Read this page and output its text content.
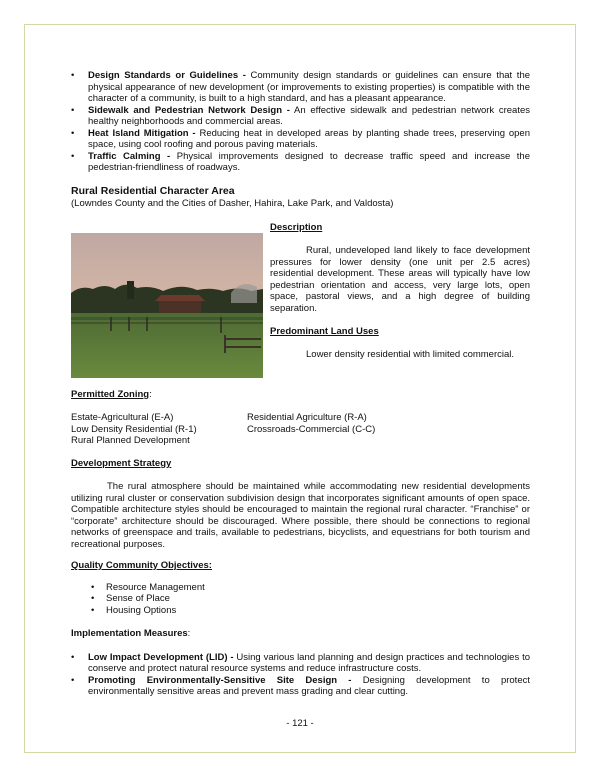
• Design Standards or Guidelines - Community design standards or guidelines can ensure that the physical appearance of new development (or improvements to existing properties) is compatible with the character of a community, is built to a high standard, and has a pleasant appearance.
• Sidewalk and Pedestrian Network Design - An effective sidewalk and pedestrian network creates healthy neighborhoods and commercial areas.
• Heat Island Mitigation - Reducing heat in developed areas by planting shade trees, preserving open space, using cool roofing and porous paving materials.
• Traffic Calming - Physical improvements designed to decrease traffic speed and increase the pedestrian-friendliness of roadways.
Rural Residential Character Area
(Lowndes County and the Cities of Dasher, Hahira, Lake Park, and Valdosta)
Description

Rural, undeveloped land likely to face development pressures for lower density (one unit per 2.5 acres) residential development. These areas will typically have low pedestrian orientation and access, very large lots, open space, pastoral views, and a high degree of building separation.

Predominant Land Uses

Lower density residential with limited commercial.

Permitted Zoning:
Estate-Agricultural (E-A)	Residential Agriculture (R-A)
Low Density Residential (R-1)	Crossroads-Commercial (C-C)
Rural Planned Development
Development Strategy

The rural atmosphere should be maintained while accommodating new residential developments utilizing rural cluster or conservation subdivision design that incorporates significant amounts of open space. Compatible architecture styles should be encouraged to maintain the regional rural character. “Franchise” or “corporate” architecture should be discouraged. Where possible, there should be connections to regional networks of greenspace and trails, available to pedestrians, bicyclists, and equestrians for both tourism and recreational purposes.

Quality Community Objectives:
• Resource Management
• Sense of Place
• Housing Options
Implementation Measures:
• Low Impact Development (LID) - Using various land planning and design practices and technologies to conserve and protect natural resource systems and reduce infrastructure costs.
• Promoting Environmentally-Sensitive Site Design - Designing development to protect environmentally sensitive areas and prevent mass grading and clear cutting.
- 121 -
